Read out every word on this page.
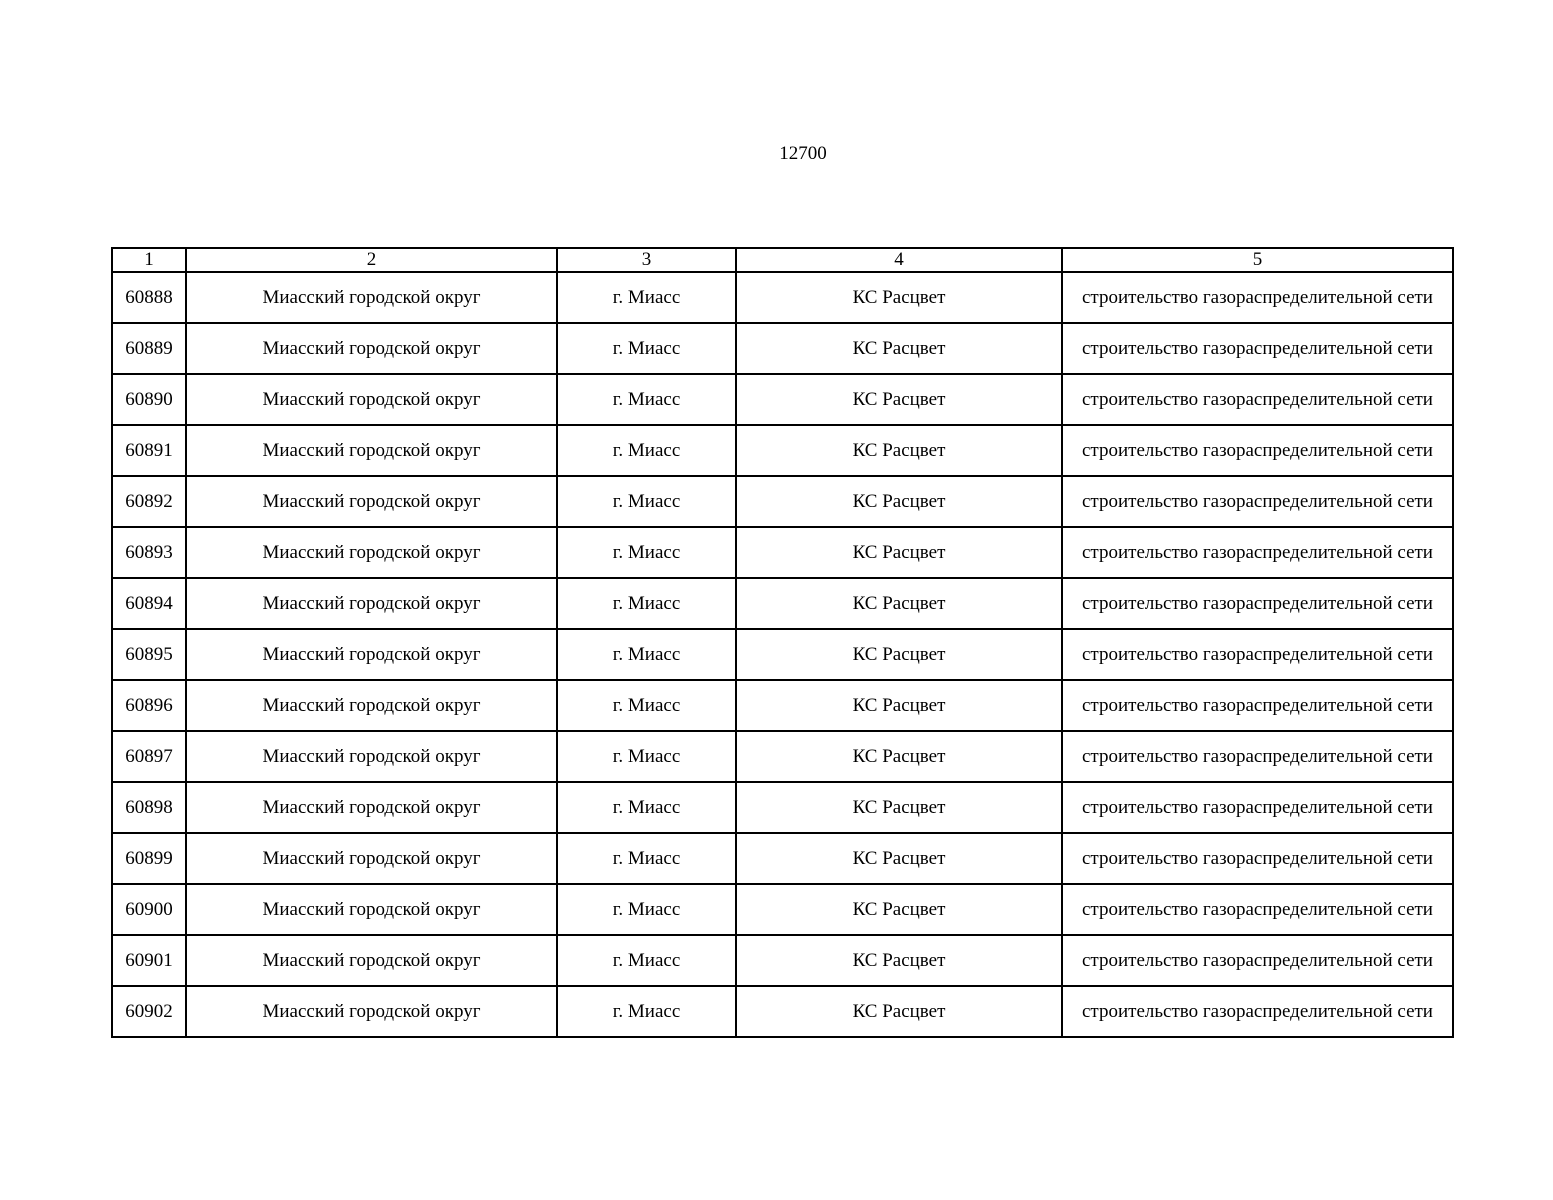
12700
1	2	3	4	5
60888	Миасский городской округ	г. Миасс	КС Расцвет	строительство газораспределительной сети
60889	Миасский городской округ	г. Миасс	КС Расцвет	строительство газораспределительной сети
60890	Миасский городской округ	г. Миасс	КС Расцвет	строительство газораспределительной сети
60891	Миасский городской округ	г. Миасс	КС Расцвет	строительство газораспределительной сети
60892	Миасский городской округ	г. Миасс	КС Расцвет	строительство газораспределительной сети
60893	Миасский городской округ	г. Миасс	КС Расцвет	строительство газораспределительной сети
60894	Миасский городской округ	г. Миасс	КС Расцвет	строительство газораспределительной сети
60895	Миасский городской округ	г. Миасс	КС Расцвет	строительство газораспределительной сети
60896	Миасский городской округ	г. Миасс	КС Расцвет	строительство газораспределительной сети
60897	Миасский городской округ	г. Миасс	КС Расцвет	строительство газораспределительной сети
60898	Миасский городской округ	г. Миасс	КС Расцвет	строительство газораспределительной сети
60899	Миасский городской округ	г. Миасс	КС Расцвет	строительство газораспределительной сети
60900	Миасский городской округ	г. Миасс	КС Расцвет	строительство газораспределительной сети
60901	Миасский городской округ	г. Миасс	КС Расцвет	строительство газораспределительной сети
60902	Миасский городской округ	г. Миасс	КС Расцвет	строительство газораспределительной сети
